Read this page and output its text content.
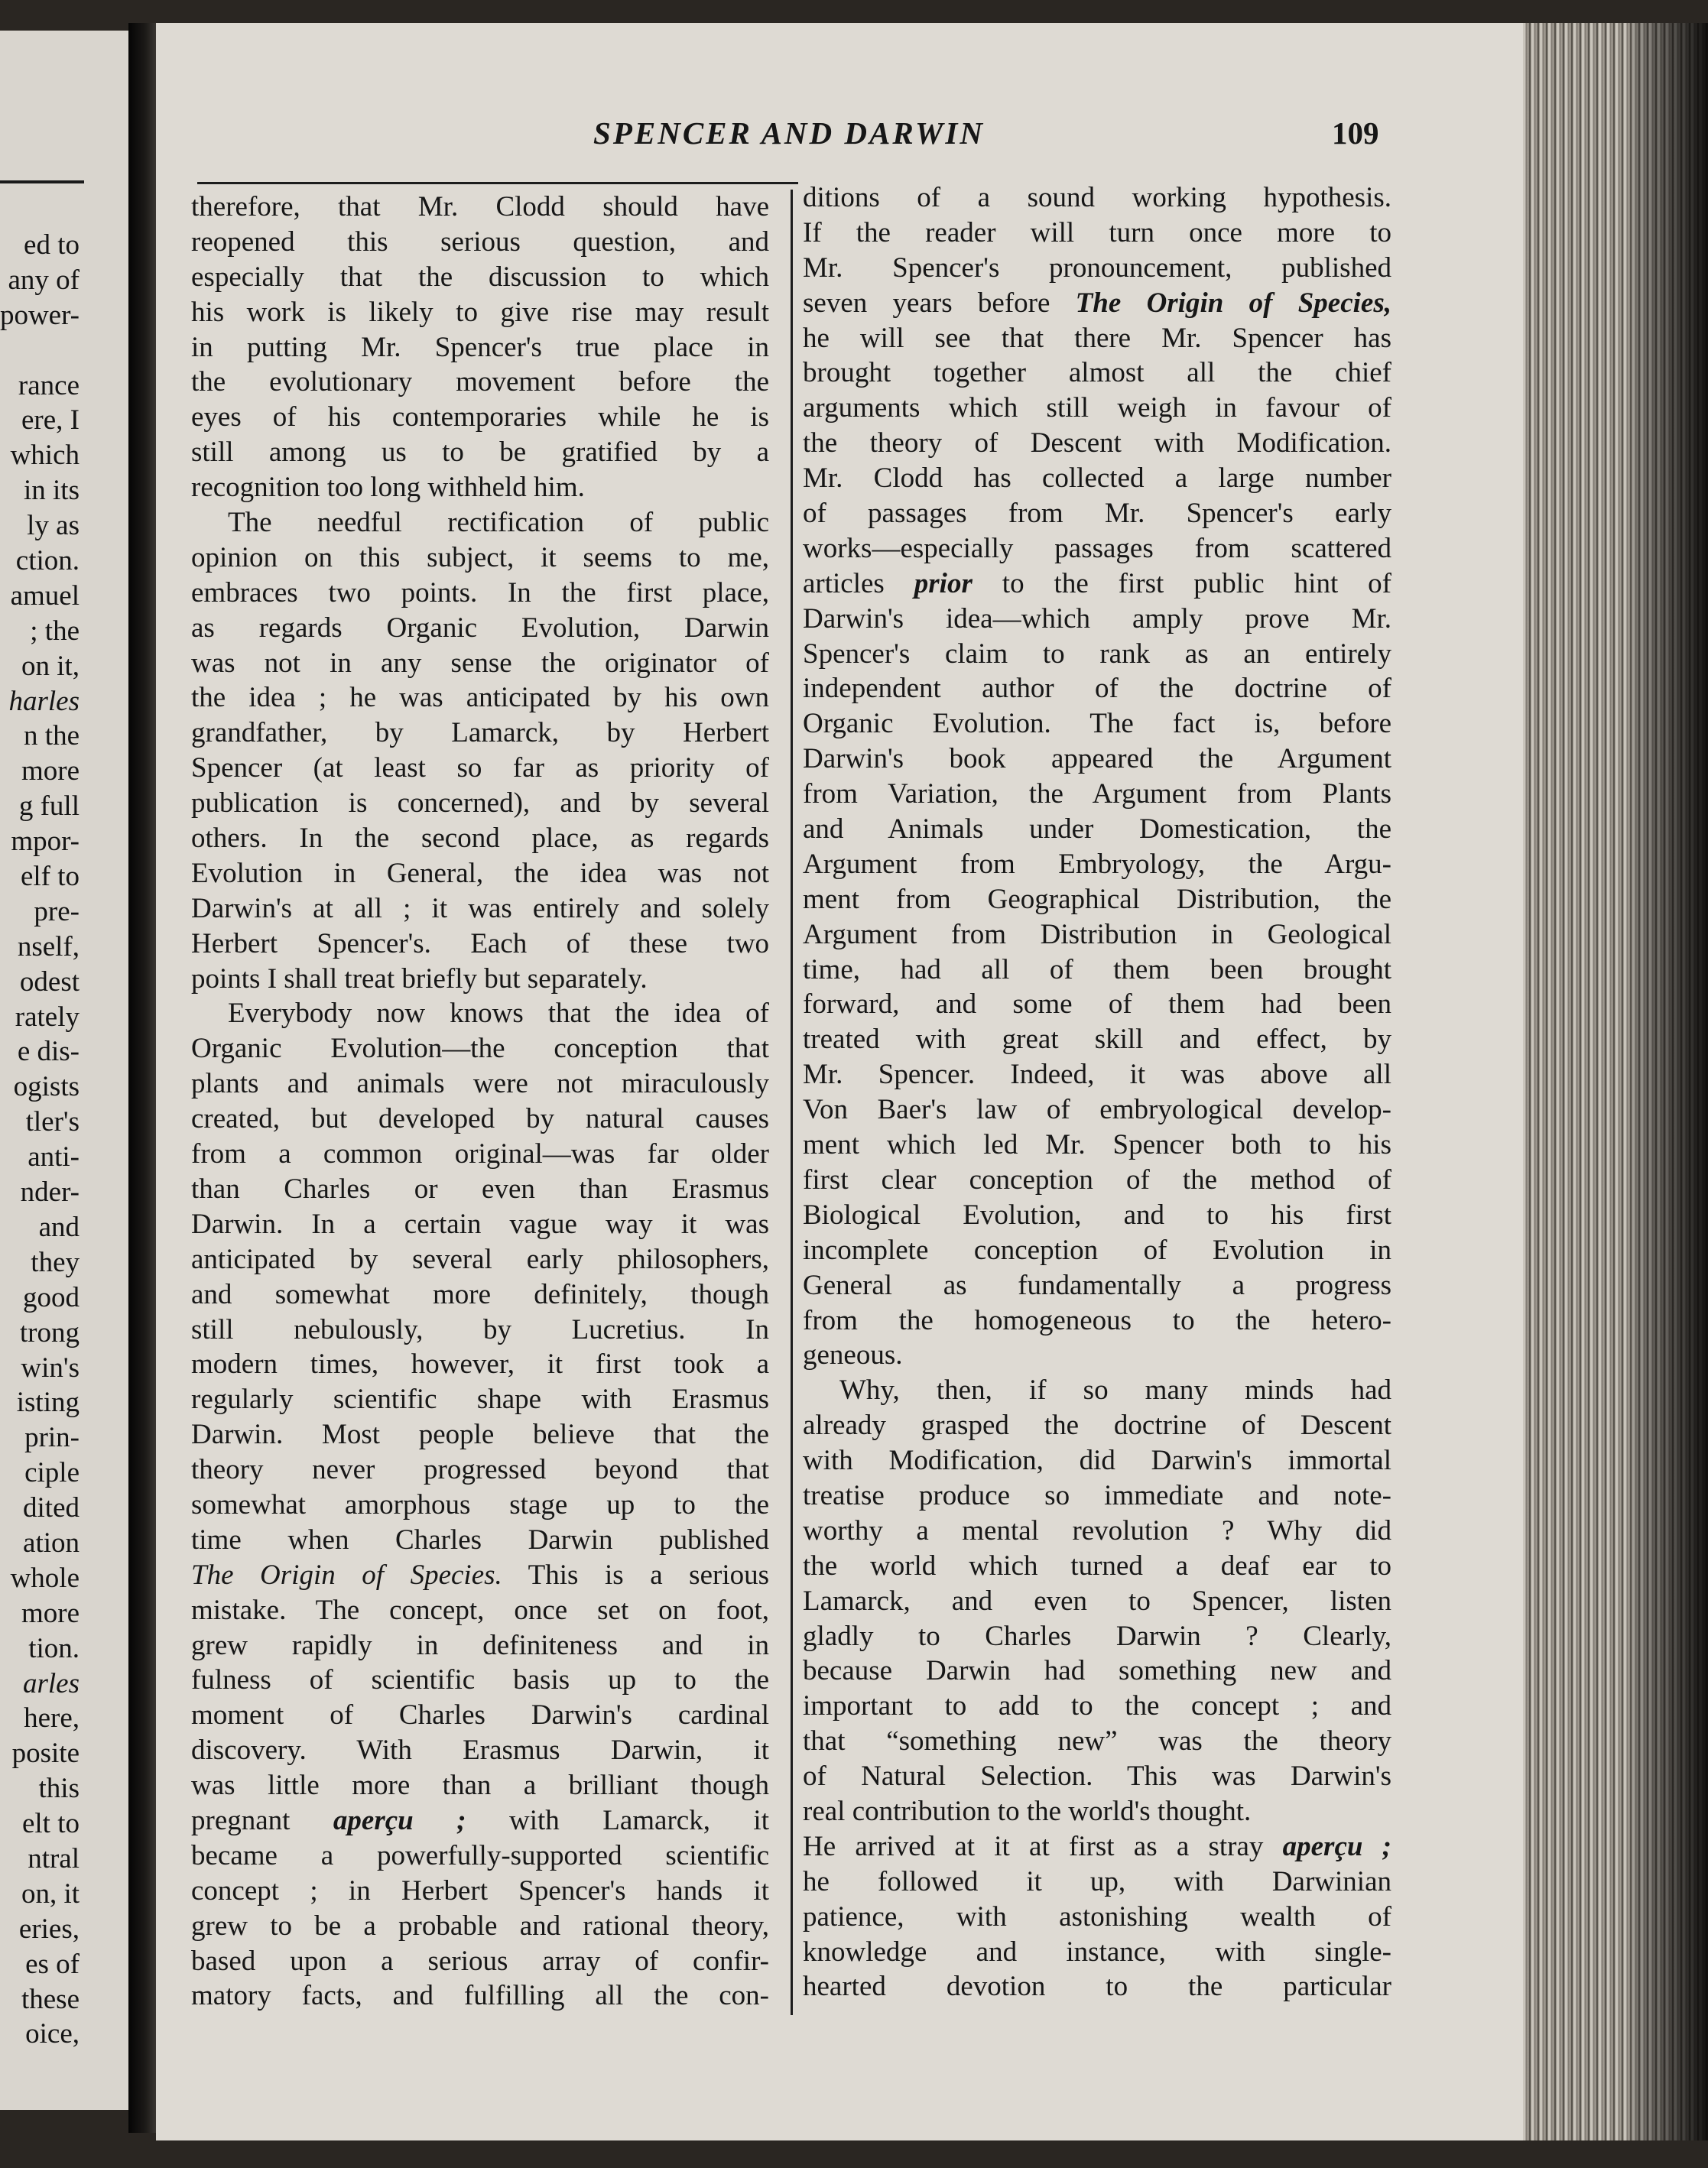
ed to
any of
power-
rance
ere, I
which
in its
ly as
ction.
amuel
; the
on it,
harles
n the
more
g full
mpor-
elf to
pre-
nself,
odest
rately
e dis-
ogists
tler's
anti-
nder-
and
they
good
trong
win's
isting
prin-
ciple
dited
ation
whole
more
tion.
arles
here,
posite
this
elt to
ntral
on, it
eries,
es of
these
oice,
SPENCER AND DARWIN	109
therefore, that Mr. Clodd should have
reopened this serious question, and
especially that the discussion to which
his work is likely to give rise may result
in putting Mr. Spencer's true place in
the evolutionary movement before the
eyes of his contemporaries while he is
still among us to be gratified by a
recognition too long withheld him.
The needful rectification of public
opinion on this subject, it seems to me,
embraces two points. In the first place,
as regards Organic Evolution, Darwin
was not in any sense the originator of
the idea ; he was anticipated by his own
grandfather, by Lamarck, by Herbert
Spencer (at least so far as priority of
publication is concerned), and by several
others. In the second place, as regards
Evolution in General, the idea was not
Darwin's at all ; it was entirely and solely
Herbert Spencer's. Each of these two
points I shall treat briefly but separately.
Everybody now knows that the idea of
Organic Evolution—the conception that
plants and animals were not miraculously
created, but developed by natural causes
from a common original—was far older
than Charles or even than Erasmus
Darwin. In a certain vague way it was
anticipated by several early philosophers,
and somewhat more definitely, though
still nebulously, by Lucretius. In
modern times, however, it first took a
regularly scientific shape with Erasmus
Darwin. Most people believe that the
theory never progressed beyond that
somewhat amorphous stage up to the
time when Charles Darwin published
The Origin of Species. This is a serious
mistake. The concept, once set on foot,
grew rapidly in definiteness and in
fulness of scientific basis up to the
moment of Charles Darwin's cardinal
discovery. With Erasmus Darwin, it
was little more than a brilliant though
pregnant aperçu ; with Lamarck, it
became a powerfully-supported scientific
concept ; in Herbert Spencer's hands it
grew to be a probable and rational theory,
based upon a serious array of confir-
matory facts, and fulfilling all the con-
ditions of a sound working hypothesis.
If the reader will turn once more to
Mr. Spencer's pronouncement, published
seven years before The Origin of Species,
he will see that there Mr. Spencer has
brought together almost all the chief
arguments which still weigh in favour of
the theory of Descent with Modification.
Mr. Clodd has collected a large number
of passages from Mr. Spencer's early
works—especially passages from scattered
articles prior to the first public hint of
Darwin's idea—which amply prove Mr.
Spencer's claim to rank as an entirely
independent author of the doctrine of
Organic Evolution. The fact is, before
Darwin's book appeared the Argument
from Variation, the Argument from Plants
and Animals under Domestication, the
Argument from Embryology, the Argu-
ment from Geographical Distribution, the
Argument from Distribution in Geological
time, had all of them been brought
forward, and some of them had been
treated with great skill and effect, by
Mr. Spencer. Indeed, it was above all
Von Baer's law of embryological develop-
ment which led Mr. Spencer both to his
first clear conception of the method of
Biological Evolution, and to his first
incomplete conception of Evolution in
General as fundamentally a progress
from the homogeneous to the hetero-
geneous.
Why, then, if so many minds had
already grasped the doctrine of Descent
with Modification, did Darwin's immortal
treatise produce so immediate and note-
worthy a mental revolution ? Why did
the world which turned a deaf ear to
Lamarck, and even to Spencer, listen
gladly to Charles Darwin ? Clearly,
because Darwin had something new and
important to add to the concept ; and
that “something new” was the theory
of Natural Selection. This was Darwin's
real contribution to the world's thought.
He arrived at it at first as a stray aperçu ;
he followed it up, with Darwinian
patience, with astonishing wealth of
knowledge and instance, with single-
hearted devotion to the particular
